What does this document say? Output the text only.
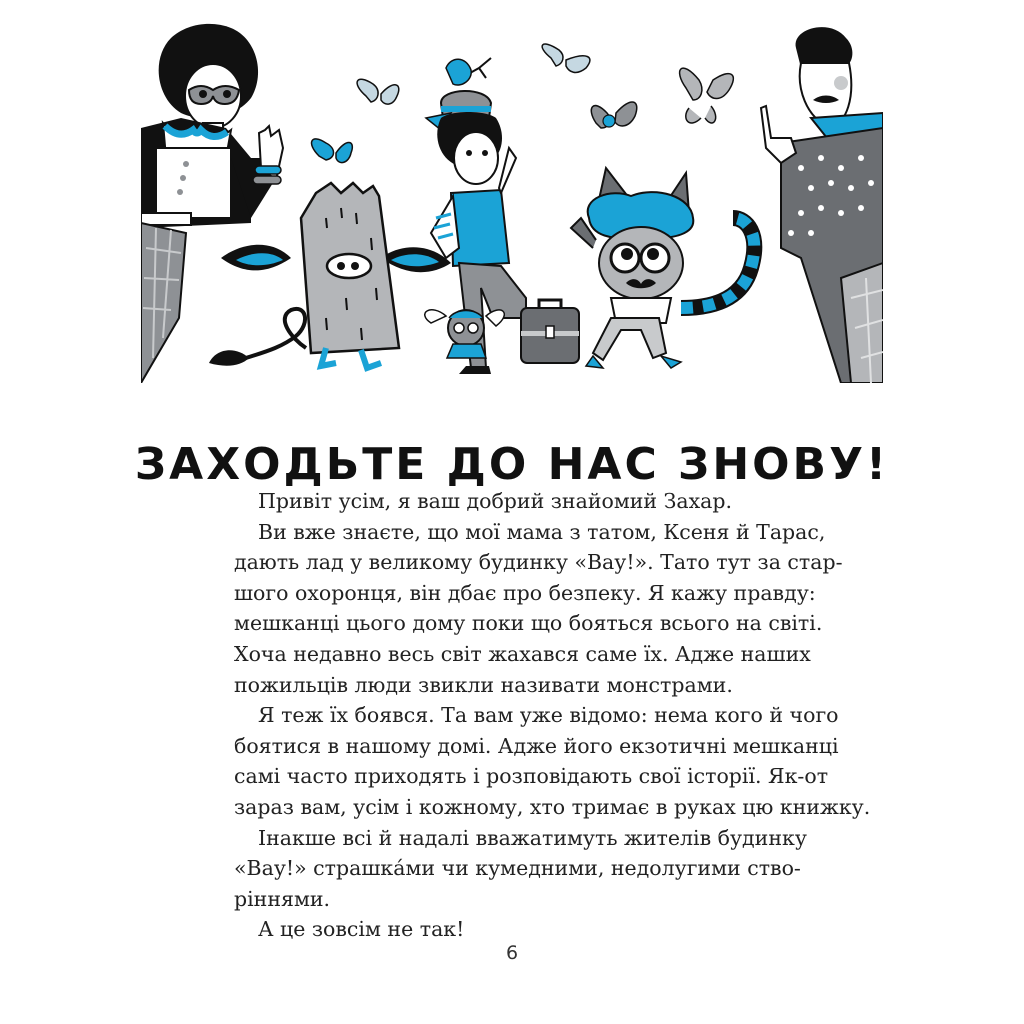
ЗАХОДЬТЕ ДО НАС ЗНОВУ!

Привіт усім, я ваш добрий знайомий Захар.

Ви вже знаєте, що мої мама з татом, Ксеня й Тарас,
дають лад у великому будинку «Вау!». Тато тут за стар-
шого охоронця, він дбає про безпеку. Я кажу правду:
мешканці цього дому поки що бояться всього на світі.
Хоча недавно весь світ жахався саме їх. Адже наших
пожильців люди звикли називати монстрами.

Я теж їх боявся. Та вам уже відомо: нема кого й чого
боятися в нашому домі. Адже його екзотичні мешканці
самі часто приходять і розповідають свої історії. Як-от
зараз вам, усім і кожному, хто тримає в руках цю книжку.

Інакше всі й надалі вважатимуть жителів будинку
«Вау!» страшка́ми чи кумедними, недолугими ство-
ріннями.

А це зовсім не так!

6
